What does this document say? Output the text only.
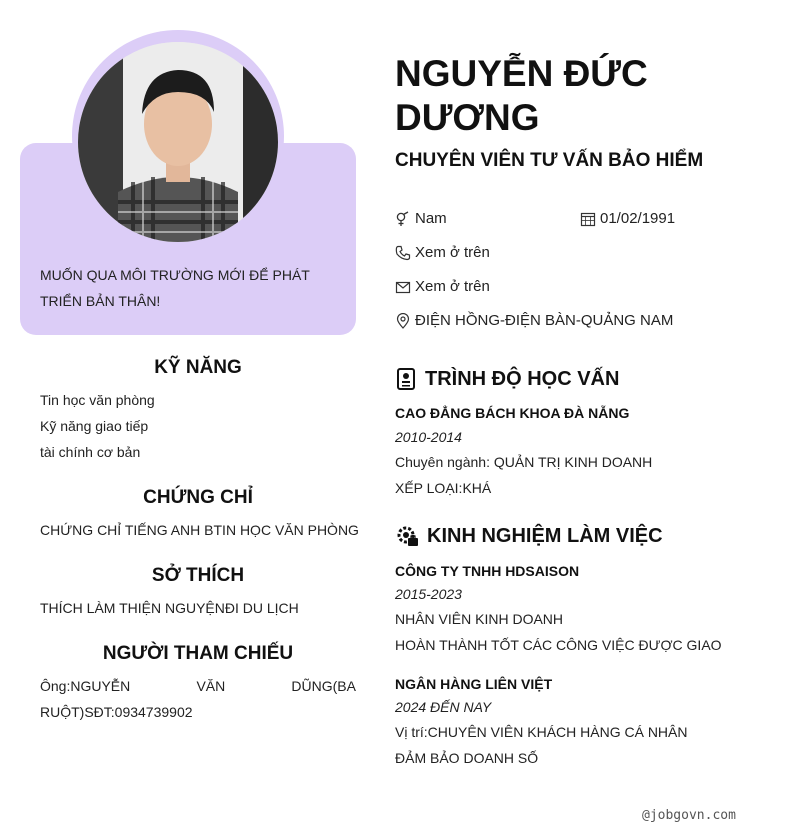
MUỐN QUA MÔI TRƯỜNG MỚI ĐỂ PHÁT TRIỂN BẢN THÂN!
KỸ NĂNG
Tin học văn phòng
Kỹ năng giao tiếp
tài chính cơ bản
CHỨNG CHỈ
CHỨNG CHỈ TIẾNG ANH BTIN HỌC VĂN PHÒNG
SỞ THÍCH
THÍCH LÀM THIỆN NGUYỆNĐI DU LỊCH
NGƯỜI THAM CHIẾU
Ông:NGUYỄN	VĂN	DŨNG(BA
RUỘT)SĐT:0934739902
NGUYỄN ĐỨC DƯƠNG
CHUYÊN VIÊN TƯ VẤN BẢO HIỂM
Nam	01/02/1991
Xem ở trên
Xem ở trên
ĐIỆN HỒNG-ĐIỆN BÀN-QUẢNG NAM
TRÌNH ĐỘ HỌC VẤN
CAO ĐẲNG BÁCH KHOA ĐÀ NẴNG
2010-2014
Chuyên ngành: QUẢN TRỊ KINH DOANH
XẾP LOẠI:KHÁ
KINH NGHIỆM LÀM VIỆC
CÔNG TY TNHH HDSAISON
2015-2023
NHÂN VIÊN KINH DOANH
HOÀN THÀNH TỐT CÁC CÔNG VIỆC ĐƯỢC GIAO
NGÂN HÀNG LIÊN VIỆT
2024 ĐẾN NAY
Vị trí:CHUYÊN VIÊN KHÁCH HÀNG CÁ NHÂN
ĐẢM BẢO DOANH SỐ
@jobgovn.com
